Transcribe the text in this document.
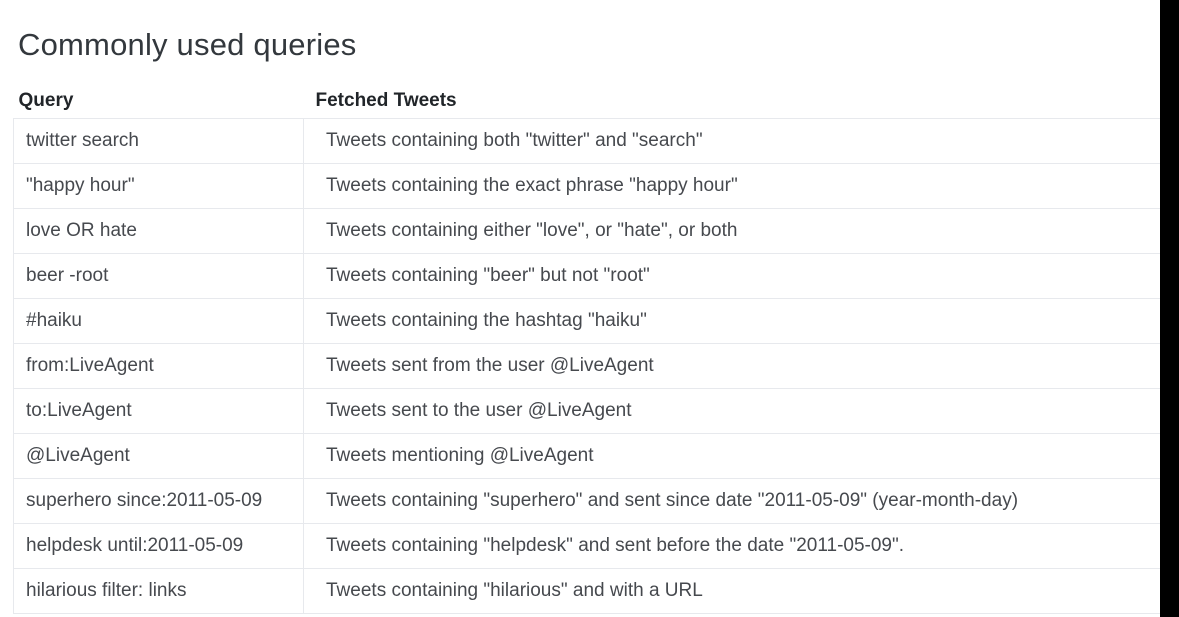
Commonly used queries
Query	Fetched Tweets
twitter search	Tweets containing both "twitter" and "search"
"happy hour"	Tweets containing the exact phrase "happy hour"
love OR hate	Tweets containing either "love", or "hate", or both
beer -root	Tweets containing "beer" but not "root"
#haiku	Tweets containing the hashtag "haiku"
from:LiveAgent	Tweets sent from the user @LiveAgent
to:LiveAgent	Tweets sent to the user @LiveAgent
@LiveAgent	Tweets mentioning @LiveAgent
superhero since:2011-05-09	Tweets containing "superhero" and sent since date "2011-05-09" (year-month-day)
helpdesk until:2011-05-09	Tweets containing "helpdesk" and sent before the date "2011-05-09".
hilarious filter: links	Tweets containing "hilarious" and with a URL
